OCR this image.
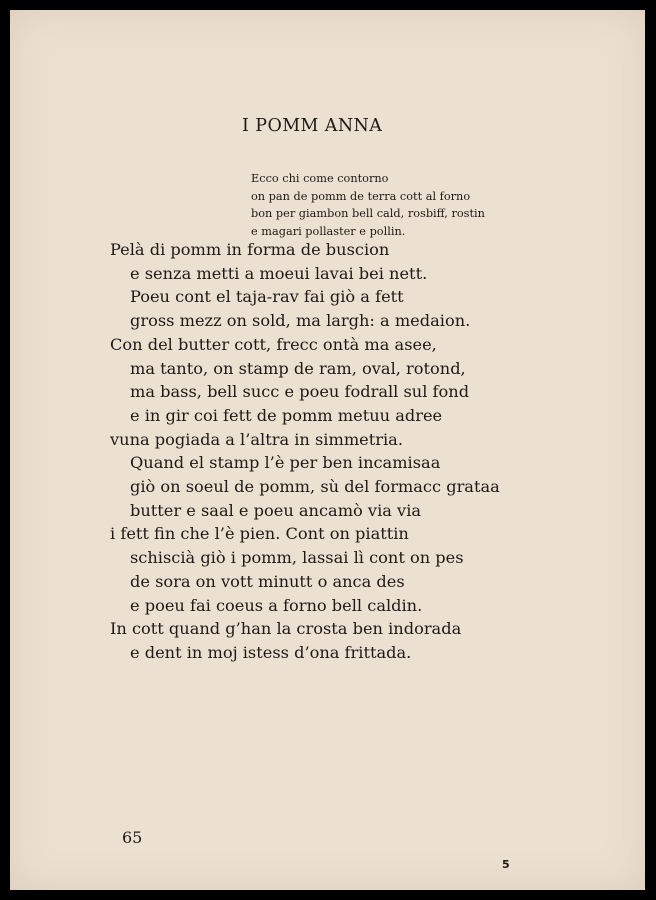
I POMM ANNA
Ecco chi come contorno
on pan de pomm de terra cott al forno
bon per giambon bell cald, rosbiff, rostin
e magari pollaster e pollin.
Pelà di pomm in forma de buscion
e senza metti a moeui lavai bei nett.
Poeu cont el taja-rav fai giò a fett
gross mezz on sold, ma largh: a medaion.
Con del butter cott, frecc ontà ma asee,
ma tanto, on stamp de ram, oval, rotond,
ma bass, bell succ e poeu fodrall sul fond
e in gir coi fett de pomm metuu adree
vuna pogiada a l’altra in simmetria.
Quand el stamp l’è per ben incamisaa
giò on soeul de pomm, sù del formacc grataa
butter e saal e poeu ancamò via via
i fett fin che l’è pien. Cont on piattin
schiscià giò i pomm, lassai lì cont on pes
de sora on vott minutt o anca des
e poeu fai coeus a forno bell caldin.
In cott quand g’han la crosta ben indorada
e dent in moj istess d’ona frittada.
65
5
